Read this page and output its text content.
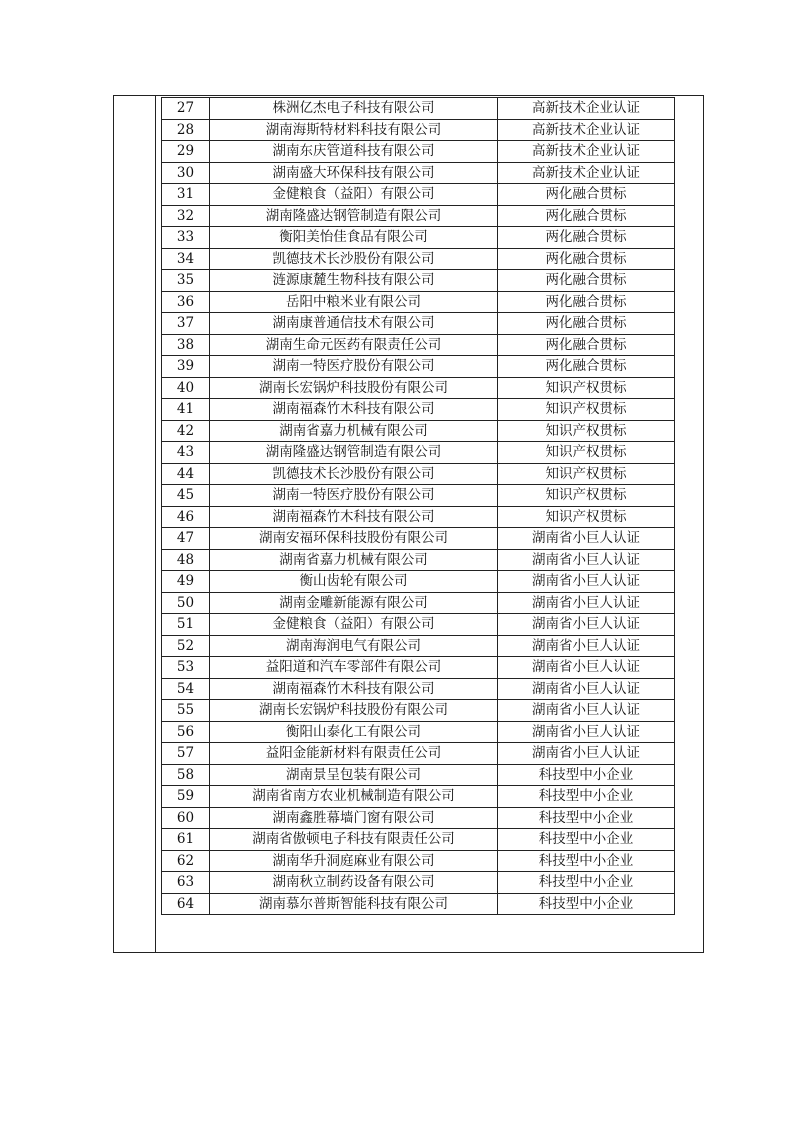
27	株洲亿杰电子科技有限公司	高新技术企业认证
28	湖南海斯特材料科技有限公司	高新技术企业认证
29	湖南东庆管道科技有限公司	高新技术企业认证
30	湖南盛大环保科技有限公司	高新技术企业认证
31	金健粮食（益阳）有限公司	两化融合贯标
32	湖南隆盛达钢管制造有限公司	两化融合贯标
33	衡阳美怡佳食品有限公司	两化融合贯标
34	凯德技术长沙股份有限公司	两化融合贯标
35	涟源康麓生物科技有限公司	两化融合贯标
36	岳阳中粮米业有限公司	两化融合贯标
37	湖南康普通信技术有限公司	两化融合贯标
38	湖南生命元医药有限责任公司	两化融合贯标
39	湖南一特医疗股份有限公司	两化融合贯标
40	湖南长宏锅炉科技股份有限公司	知识产权贯标
41	湖南福森竹木科技有限公司	知识产权贯标
42	湖南省嘉力机械有限公司	知识产权贯标
43	湖南隆盛达钢管制造有限公司	知识产权贯标
44	凯德技术长沙股份有限公司	知识产权贯标
45	湖南一特医疗股份有限公司	知识产权贯标
46	湖南福森竹木科技有限公司	知识产权贯标
47	湖南安福环保科技股份有限公司	湖南省小巨人认证
48	湖南省嘉力机械有限公司	湖南省小巨人认证
49	衡山齿轮有限公司	湖南省小巨人认证
50	湖南金雕新能源有限公司	湖南省小巨人认证
51	金健粮食（益阳）有限公司	湖南省小巨人认证
52	湖南海润电气有限公司	湖南省小巨人认证
53	益阳道和汽车零部件有限公司	湖南省小巨人认证
54	湖南福森竹木科技有限公司	湖南省小巨人认证
55	湖南长宏锅炉科技股份有限公司	湖南省小巨人认证
56	衡阳山泰化工有限公司	湖南省小巨人认证
57	益阳金能新材料有限责任公司	湖南省小巨人认证
58	湖南景呈包装有限公司	科技型中小企业
59	湖南省南方农业机械制造有限公司	科技型中小企业
60	湖南鑫胜幕墙门窗有限公司	科技型中小企业
61	湖南省傲顿电子科技有限责任公司	科技型中小企业
62	湖南华升洞庭麻业有限公司	科技型中小企业
63	湖南秋立制药设备有限公司	科技型中小企业
64	湖南慕尔普斯智能科技有限公司	科技型中小企业
